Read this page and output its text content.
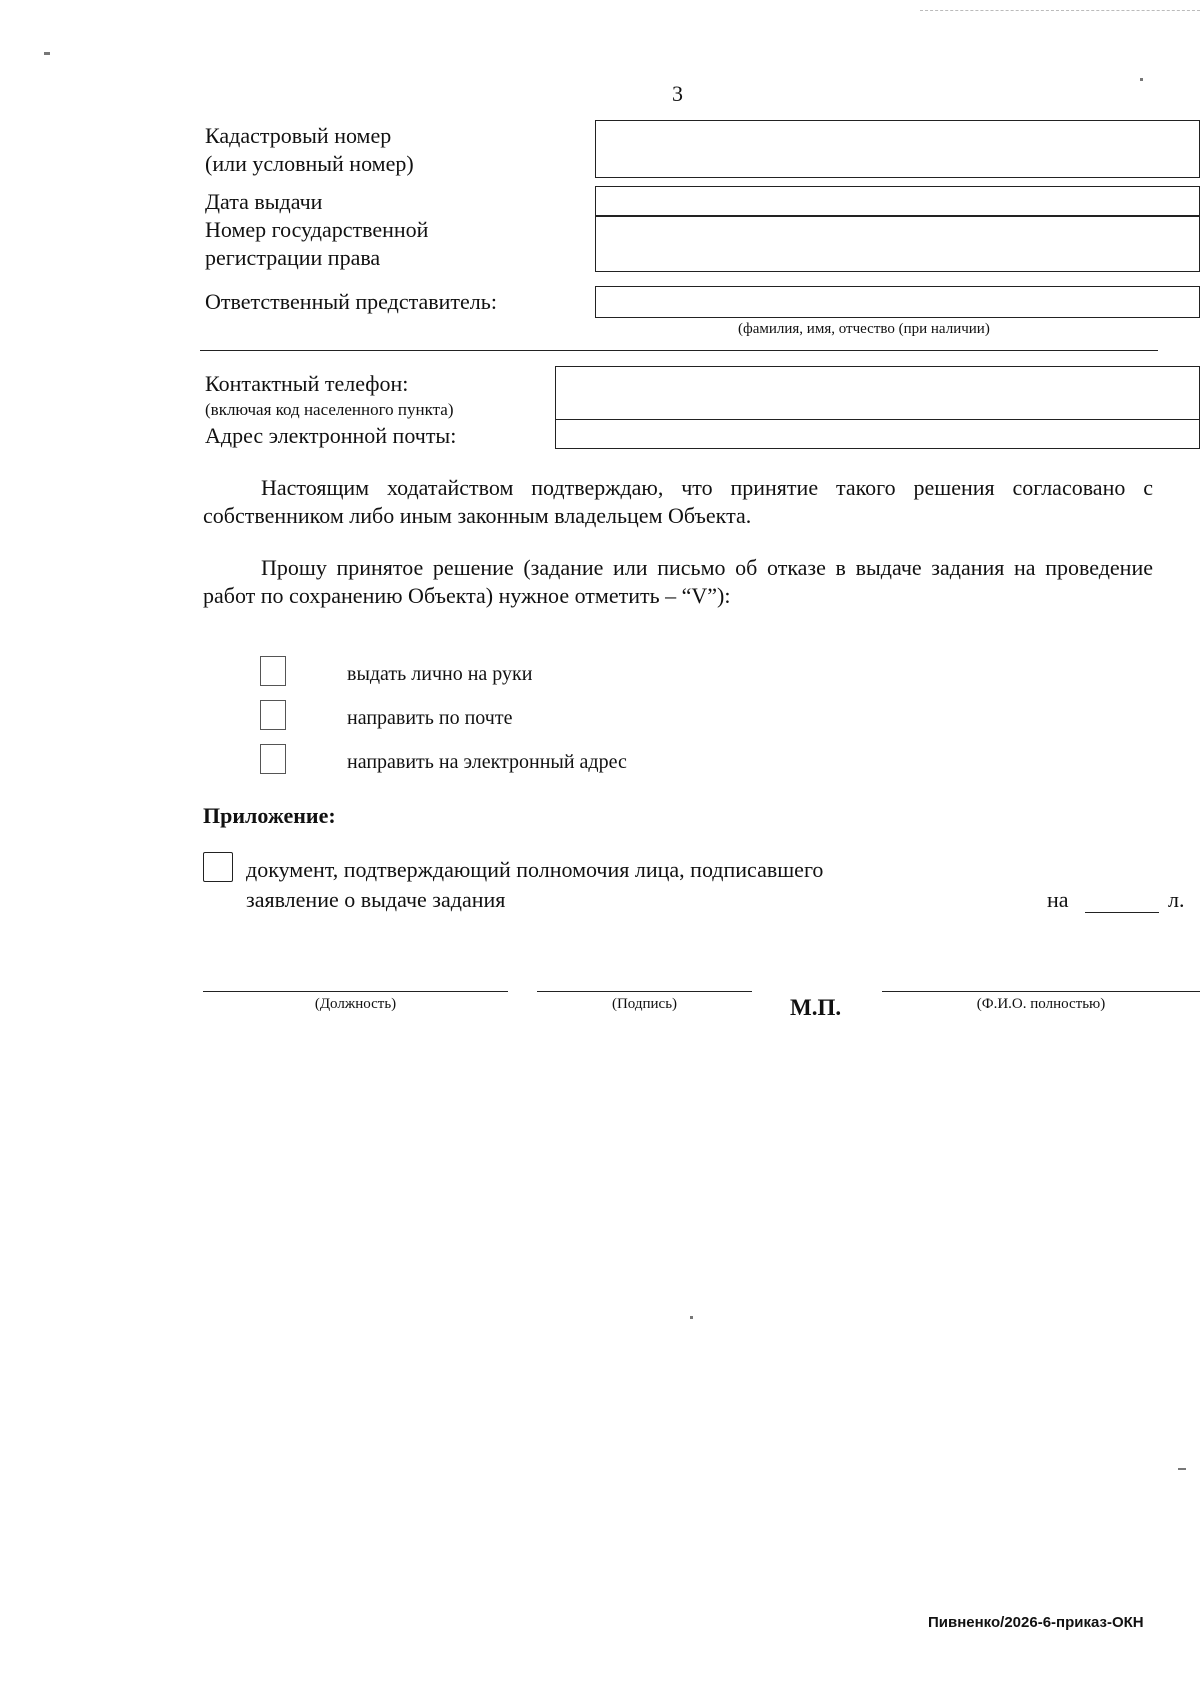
3
Кадастровый номер
(или условный номер)
Дата выдачи
Номер государственной
регистрации права
Ответственный представитель:
(фамилия, имя, отчество (при наличии)
Контактный телефон:
(включая код населенного пункта)
Адрес электронной почты:
Настоящим ходатайством подтверждаю, что принятие такого решения согласовано с собственником либо иным законным владельцем Объекта.
Прошу принятое решение (задание или письмо об отказе в выдаче задания на проведение работ по сохранению Объекта) нужное отметить – “V”):
выдать лично на руки
направить по почте
направить на электронный адрес
Приложение:
документ, подтверждающий полномочия лица, подписавшего
заявление о выдаче задания	на	л.
(Должность)	(Подпись)	М.П.	(Ф.И.О. полностью)
Пивненко/2026-6-приказ-ОКН
